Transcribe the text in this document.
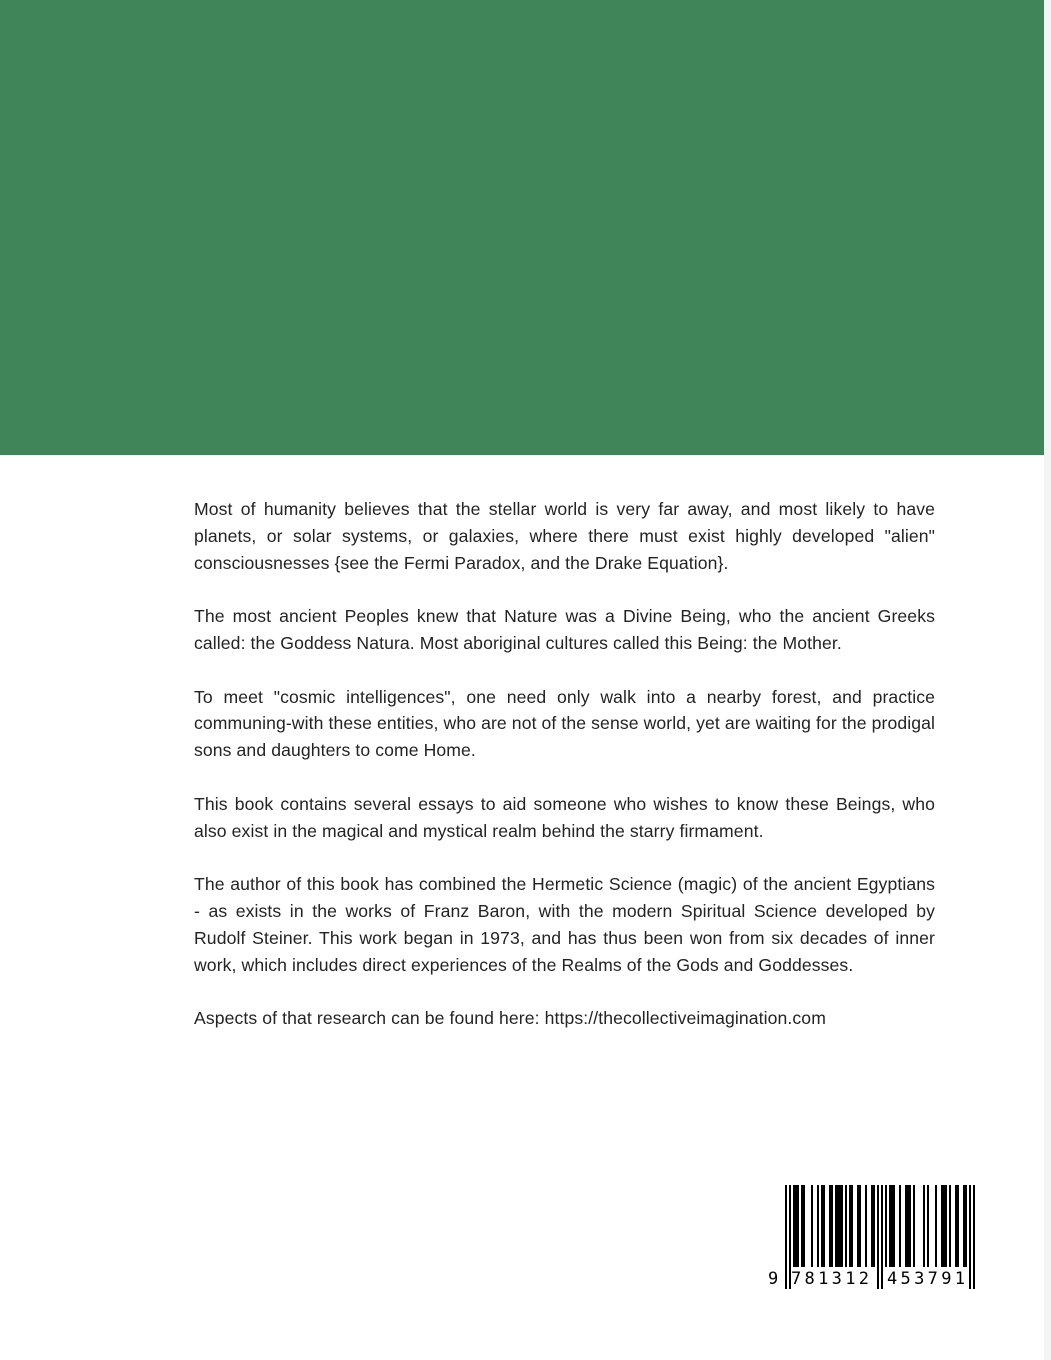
Most of humanity believes that the stellar world is very far away, and most likely to have planets, or solar systems, or galaxies, where there must exist highly developed "alien" consciousnesses {see the Fermi Paradox, and the Drake Equation}.

The most ancient Peoples knew that Nature was a Divine Being, who the ancient Greeks called: the Goddess Natura. Most aboriginal cultures called this Being: the Mother.

To meet "cosmic intelligences", one need only walk into a nearby forest, and practice communing-with these entities, who are not of the sense world, yet are waiting for the prodigal sons and daughters to come Home.

This book contains several essays to aid someone who wishes to know these Beings, who also exist in the magical and mystical realm behind the starry firmament.

The author of this book has combined the Hermetic Science (magic) of the ancient Egyptians - as exists in the works of Franz Baron, with the modern Spiritual Science developed by Rudolf Steiner. This work began in 1973, and has thus been won from six decades of inner work, which includes direct experiences of the Realms of the Gods and Goddesses.

Aspects of that research can be found here: https://thecollectiveimagination.com

9 781312 453791
